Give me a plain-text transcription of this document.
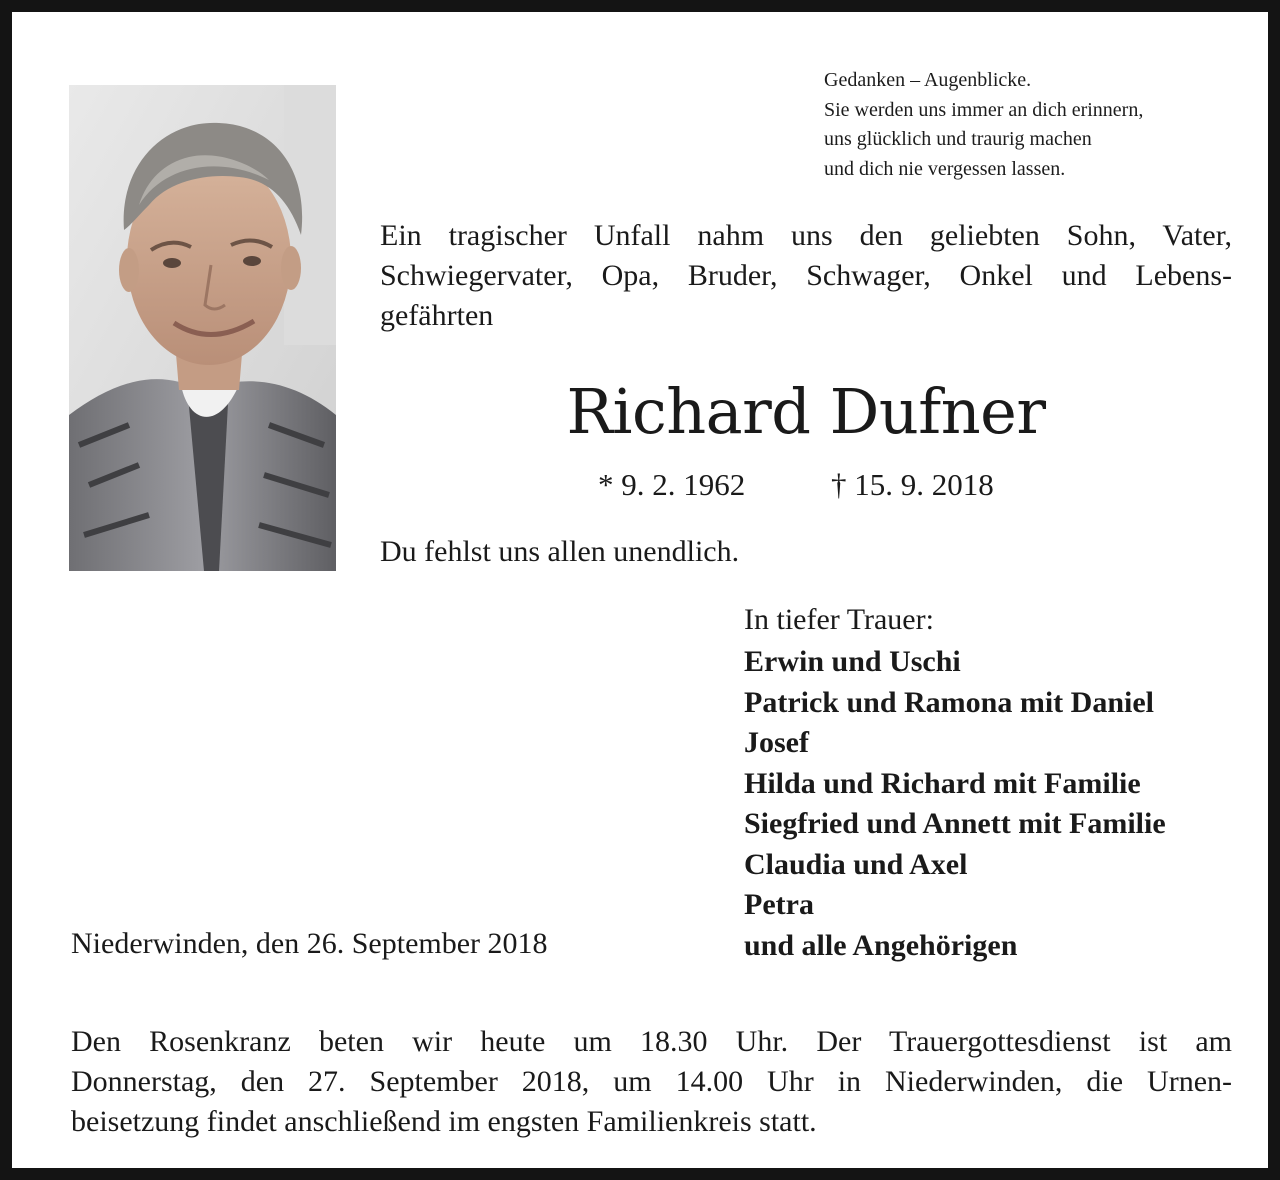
Gedanken – Augenblicke.
Sie werden uns immer an dich erinnern,
uns glücklich und traurig machen
und dich nie vergessen lassen.
Ein tragischer Unfall nahm uns den geliebten Sohn, Vater,
Schwiegervater, Opa, Bruder, Schwager, Onkel und Lebens-
gefährten
Richard Dufner
* 9. 2. 1962	† 15. 9. 2018
Du fehlst uns allen unendlich.
In tiefer Trauer:
Erwin und Uschi
Patrick und Ramona mit Daniel
Josef
Hilda und Richard mit Familie
Siegfried und Annett mit Familie
Claudia und Axel
Petra
und alle Angehörigen
Niederwinden, den 26. September 2018
Den Rosenkranz beten wir heute um 18.30 Uhr. Der Trauergottesdienst ist am
Donnerstag, den 27. September 2018, um 14.00 Uhr in Niederwinden, die Urnen-
beisetzung findet anschließend im engsten Familienkreis statt.
